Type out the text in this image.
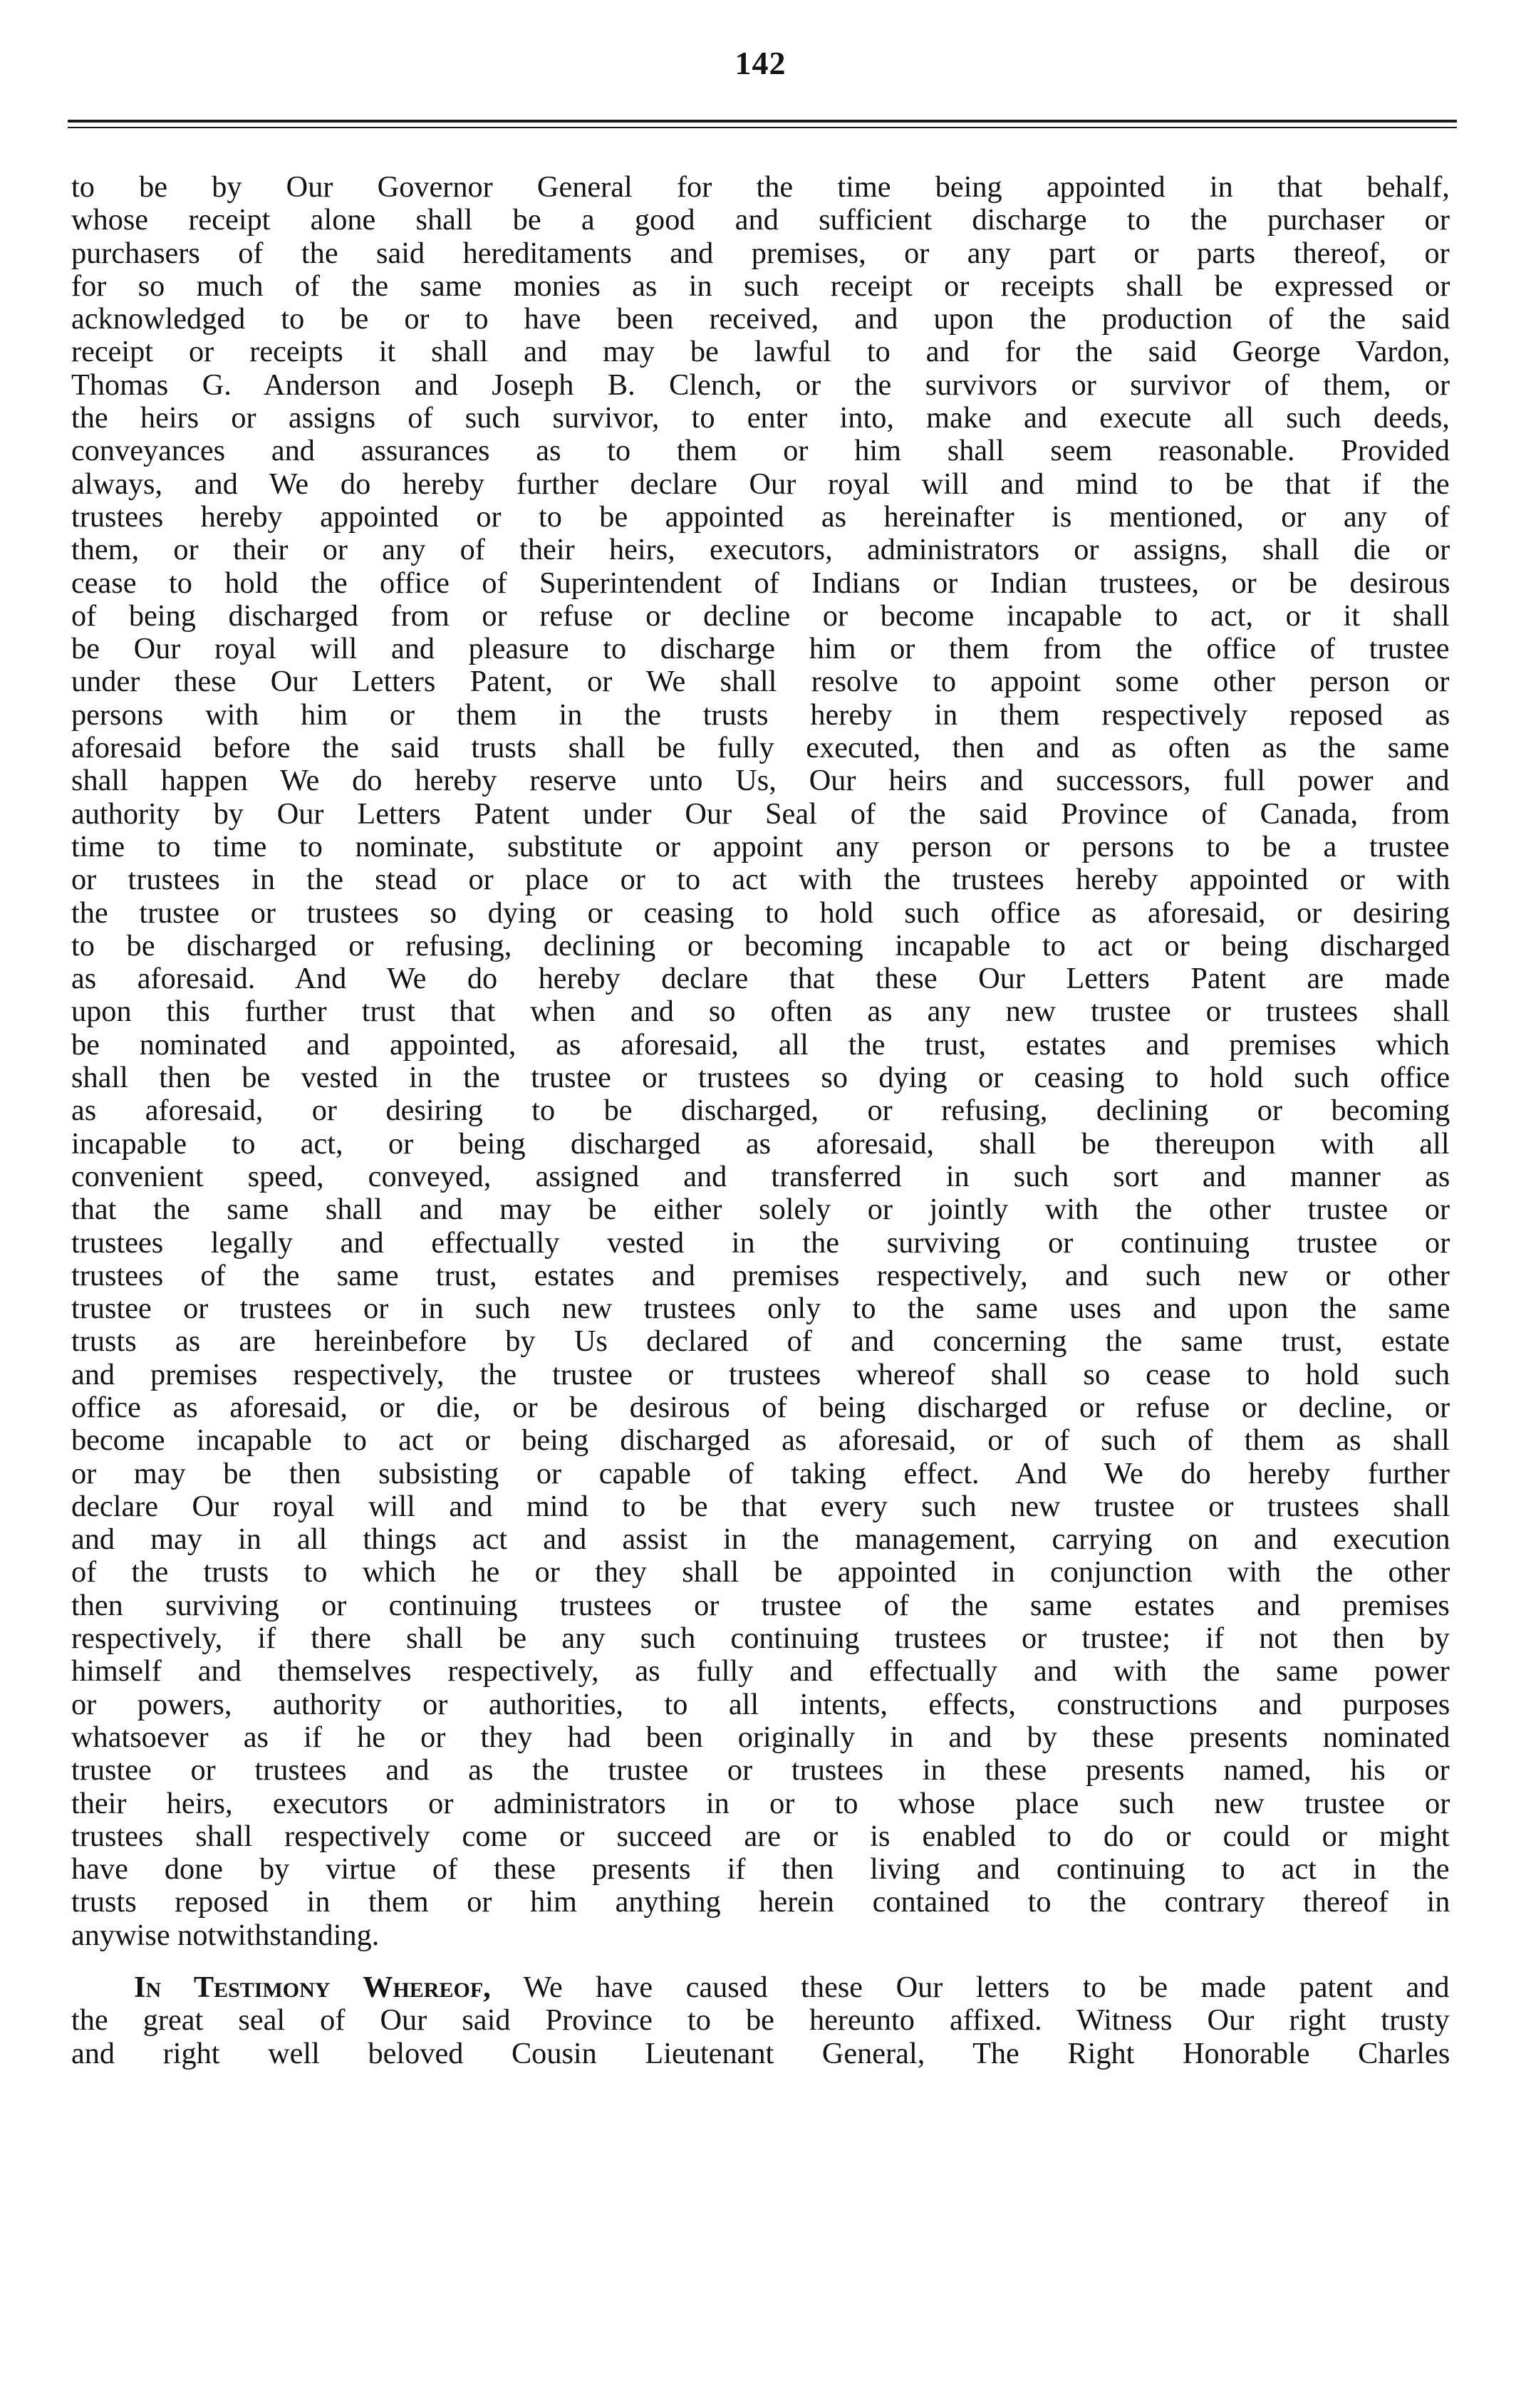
142
to be by Our Governor General for the time being appointed in that behalf,
whose receipt alone shall be a good and sufficient discharge to the purchaser or
purchasers of the said hereditaments and premises, or any part or parts thereof, or
for so much of the same monies as in such receipt or receipts shall be expressed or
acknowledged to be or to have been received, and upon the production of the said
receipt or receipts it shall and may be lawful to and for the said George Vardon,
Thomas G. Anderson and Joseph B. Clench, or the survivors or survivor of them, or
the heirs or assigns of such survivor, to enter into, make and execute all such deeds,
conveyances and assurances as to them or him shall seem reasonable. Provided
always, and We do hereby further declare Our royal will and mind to be that if the
trustees hereby appointed or to be appointed as hereinafter is mentioned, or any of
them, or their or any of their heirs, executors, administrators or assigns, shall die or
cease to hold the office of Superintendent of Indians or Indian trustees, or be desirous
of being discharged from or refuse or decline or become incapable to act, or it shall
be Our royal will and pleasure to discharge him or them from the office of trustee
under these Our Letters Patent, or We shall resolve to appoint some other person or
persons with him or them in the trusts hereby in them respectively reposed as
aforesaid before the said trusts shall be fully executed, then and as often as the same
shall happen We do hereby reserve unto Us, Our heirs and successors, full power and
authority by Our Letters Patent under Our Seal of the said Province of Canada, from
time to time to nominate, substitute or appoint any person or persons to be a trustee
or trustees in the stead or place or to act with the trustees hereby appointed or with
the trustee or trustees so dying or ceasing to hold such office as aforesaid, or desiring
to be discharged or refusing, declining or becoming incapable to act or being discharged
as aforesaid. And We do hereby declare that these Our Letters Patent are made
upon this further trust that when and so often as any new trustee or trustees shall
be nominated and appointed, as aforesaid, all the trust, estates and premises which
shall then be vested in the trustee or trustees so dying or ceasing to hold such office
as aforesaid, or desiring to be discharged, or refusing, declining or becoming
incapable to act, or being discharged as aforesaid, shall be thereupon with all
convenient speed, conveyed, assigned and transferred in such sort and manner as
that the same shall and may be either solely or jointly with the other trustee or
trustees legally and effectually vested in the surviving or continuing trustee or
trustees of the same trust, estates and premises respectively, and such new or other
trustee or trustees or in such new trustees only to the same uses and upon the same
trusts as are hereinbefore by Us declared of and concerning the same trust, estate
and premises respectively, the trustee or trustees whereof shall so cease to hold such
office as aforesaid, or die, or be desirous of being discharged or refuse or decline, or
become incapable to act or being discharged as aforesaid, or of such of them as shall
or may be then subsisting or capable of taking effect. And We do hereby further
declare Our royal will and mind to be that every such new trustee or trustees shall
and may in all things act and assist in the management, carrying on and execution
of the trusts to which he or they shall be appointed in conjunction with the other
then surviving or continuing trustees or trustee of the same estates and premises
respectively, if there shall be any such continuing trustees or trustee; if not then by
himself and themselves respectively, as fully and effectually and with the same power
or powers, authority or authorities, to all intents, effects, constructions and purposes
whatsoever as if he or they had been originally in and by these presents nominated
trustee or trustees and as the trustee or trustees in these presents named, his or
their heirs, executors or administrators in or to whose place such new trustee or
trustees shall respectively come or succeed are or is enabled to do or could or might
have done by virtue of these presents if then living and continuing to act in the
trusts reposed in them or him anything herein contained to the contrary thereof in
anywise notwithstanding.
In Testimony Whereof, We have caused these Our letters to be made patent and
the great seal of Our said Province to be hereunto affixed. Witness Our right trusty
and right well beloved Cousin Lieutenant General, The Right Honorable Charles
